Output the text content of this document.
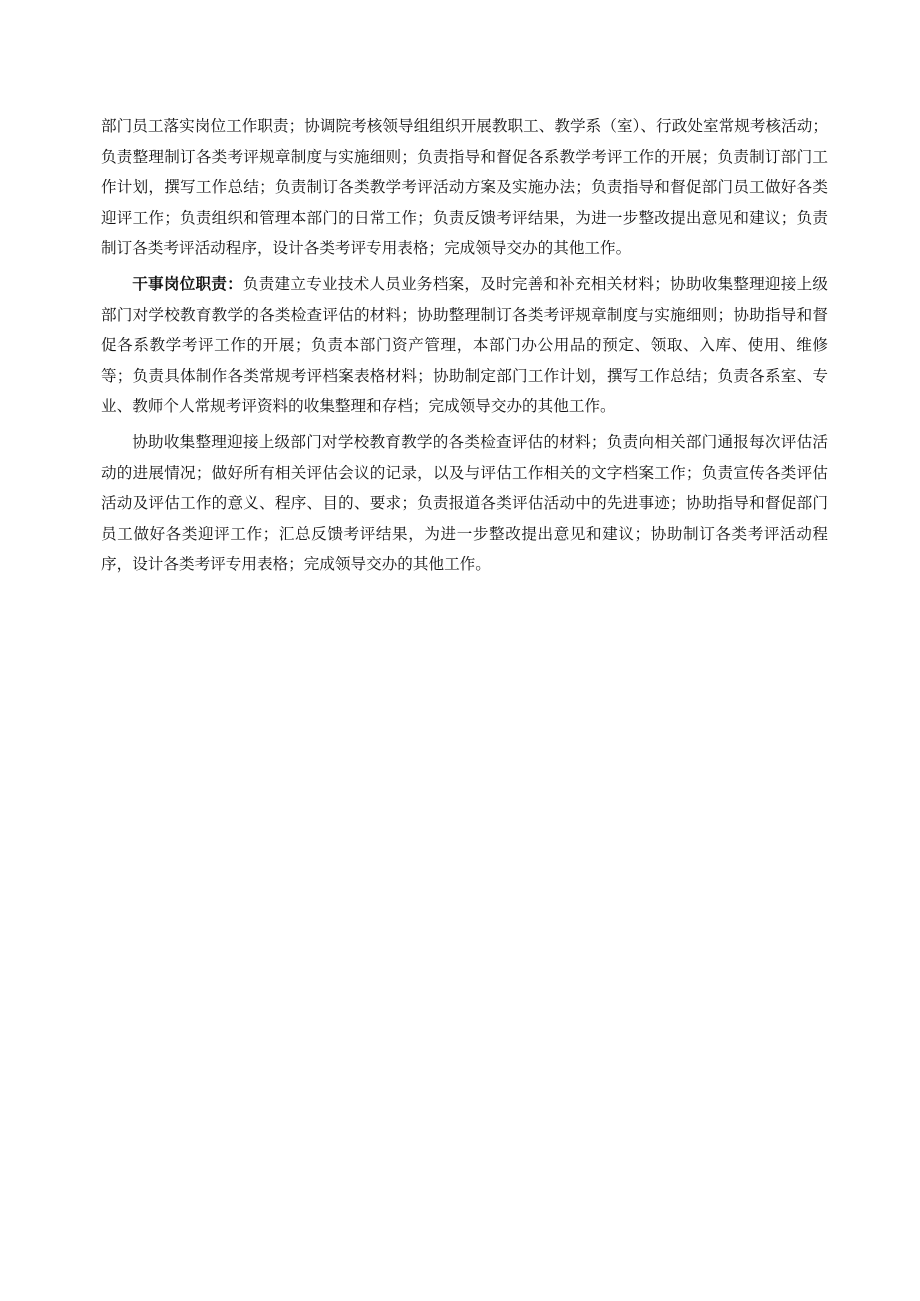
部门员工落实岗位工作职责；协调院考核领导组组织开展教职工、教学系（室）、行政处室常规考核活动；负责整理制订各类考评规章制度与实施细则；负责指导和督促各系教学考评工作的开展；负责制订部门工作计划，撰写工作总结；负责制订各类教学考评活动方案及实施办法；负责指导和督促部门员工做好各类迎评工作；负责组织和管理本部门的日常工作；负责反馈考评结果，为进一步整改提出意见和建议；负责制订各类考评活动程序，设计各类考评专用表格；完成领导交办的其他工作。

干事岗位职责：负责建立专业技术人员业务档案，及时完善和补充相关材料；协助收集整理迎接上级部门对学校教育教学的各类检查评估的材料；协助整理制订各类考评规章制度与实施细则；协助指导和督促各系教学考评工作的开展；负责本部门资产管理，本部门办公用品的预定、领取、入库、使用、维修等；负责具体制作各类常规考评档案表格材料；协助制定部门工作计划，撰写工作总结；负责各系室、专业、教师个人常规考评资料的收集整理和存档；完成领导交办的其他工作。

协助收集整理迎接上级部门对学校教育教学的各类检查评估的材料；负责向相关部门通报每次评估活动的进展情况；做好所有相关评估会议的记录，以及与评估工作相关的文字档案工作；负责宣传各类评估活动及评估工作的意义、程序、目的、要求；负责报道各类评估活动中的先进事迹；协助指导和督促部门员工做好各类迎评工作；汇总反馈考评结果，为进一步整改提出意见和建议；协助制订各类考评活动程序，设计各类考评专用表格；完成领导交办的其他工作。
